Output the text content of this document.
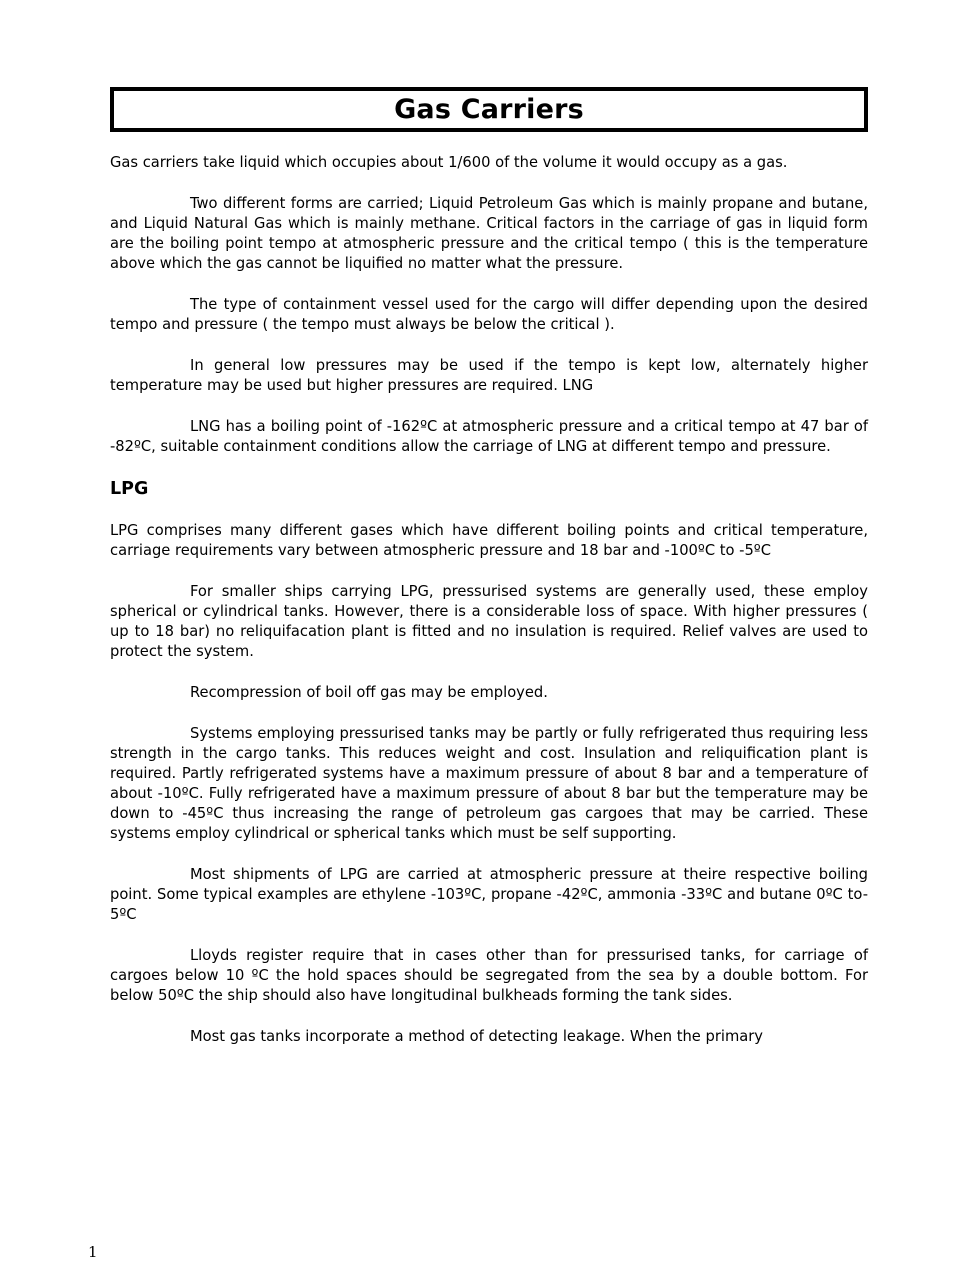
Gas Carriers

Gas carriers take liquid which occupies about 1/600 of the volume it would occupy as a gas.

Two different forms are carried; Liquid Petroleum Gas which is mainly propane and butane, and Liquid Natural Gas which is mainly methane. Critical factors in the carriage of gas in liquid form are the boiling point tempo at atmospheric pressure and the critical tempo ( this is the temperature above which the gas cannot be liquified no matter what the pressure.

The type of containment vessel used for the cargo will differ depending upon the desired tempo and pressure ( the tempo must always be below the critical ).

In general low pressures may be used if the tempo is kept low, alternately higher temperature may be used but higher pressures are required. LNG

LNG has a boiling point of -162ºC at atmospheric pressure and a critical tempo at 47 bar of -82ºC, suitable containment conditions allow the carriage of LNG at different tempo and pressure.

LPG

LPG comprises many different gases which have different boiling points and critical temperature, carriage requirements vary between atmospheric pressure and 18 bar and -100ºC to -5ºC

For smaller ships carrying LPG, pressurised systems are generally used, these employ spherical or cylindrical tanks. However, there is a considerable loss of space. With higher pressures ( up to 18 bar) no reliquifacation plant is fitted and no insulation is required. Relief valves are used to protect the system.

Recompression of boil off gas may be employed.

Systems employing pressurised tanks may be partly or fully refrigerated thus requiring less strength in the cargo tanks. This reduces weight and cost. Insulation and reliquification plant is required. Partly refrigerated systems have a maximum pressure of about 8 bar and a temperature of about -10ºC. Fully refrigerated have a maximum pressure of about 8 bar but the temperature may be down to -45ºC thus increasing the range of petroleum gas cargoes that may be carried. These systems employ cylindrical or spherical tanks which must be self supporting.

Most shipments of LPG are carried at atmospheric pressure at theire respective boiling point. Some typical examples are ethylene -103ºC, propane -42ºC, ammonia -33ºC and butane 0ºC to- 5ºC

Lloyds register require that in cases other than for pressurised tanks, for carriage of cargoes below 10 ºC the hold spaces should be segregated from the sea by a double bottom. For below 50ºC the ship should also have longitudinal bulkheads forming the tank sides.

Most gas tanks incorporate a method of detecting leakage. When the primary

1
